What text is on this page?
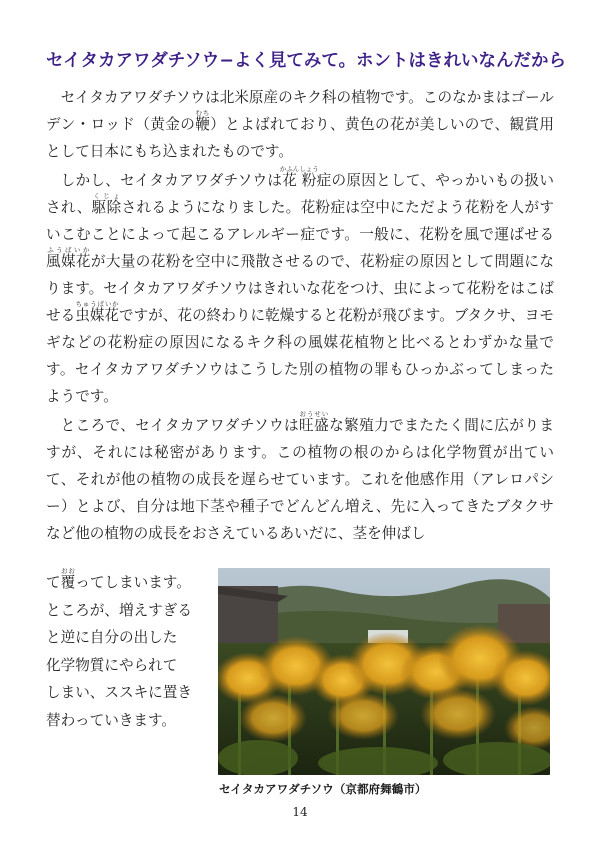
セイタカアワダチソウ−よく見てみて。ホントはきれいなんだから

セイタカアワダチソウは北米原産のキク科の植物です。このなかまはゴールデン・ロッド（黄金の鞭むち）とよばれており、黄色の花が美しいので、観賞用として日本にもち込まれたものです。

しかし、セイタカアワダチソウは花粉かふんしょう症の原因として、やっかいもの扱いされ、駆除くじょされるようになりました。花粉症は空中にただよう花粉を人がすいこむことによって起こるアレルギー症です。一般に、花粉を風で運ばせる風媒花ふうばいかが大量の花粉を空中に飛散させるので、花粉症の原因として問題になります。セイタカアワダチソウはきれいな花をつけ、虫によって花粉をはこばせる虫媒花ちゅうばいかですが、花の終わりに乾燥すると花粉が飛びます。ブタクサ、ヨモギなどの花粉症の原因になるキク科の風媒花植物と比べるとわずかな量です。セイタカアワダチソウはこうした別の植物の罪もひっかぶってしまったようです。

ところで、セイタカアワダチソウは旺盛おうせいな繁殖力でまたたく間に広がりますが、それには秘密があります。この植物の根のからは化学物質が出ていて、それが他の植物の成長を遅らせています。これを他感作用（アレロパシー）とよび、自分は地下茎や種子でどんどん増え、先に入ってきたブタクサなど他の植物の成長をおさえているあいだに、茎を伸ばし

て覆おおってしまいます。
ところが、増えすぎる
と逆に自分の出した
化学物質にやられて
しまい、ススキに置き
替わっていきます。
セイタカアワダチソウ（京都府舞鶴市）
14
